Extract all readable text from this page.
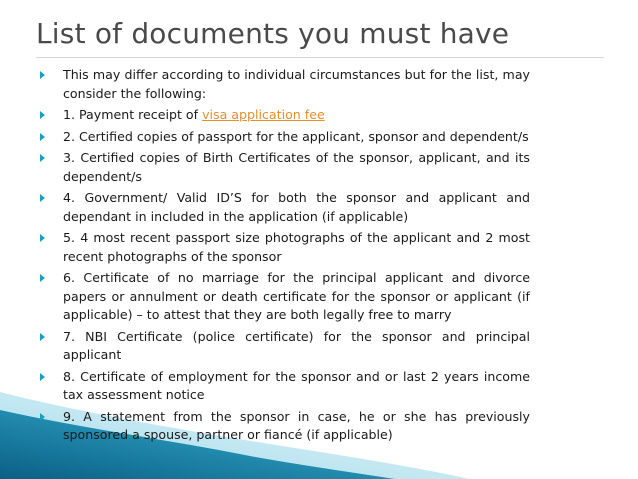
List of documents you must have
This may differ according to individual circumstances but for the list, may consider the following:
1. Payment receipt of visa application fee
2. Certified copies of passport for the applicant, sponsor and dependent/s
3. Certified copies of Birth Certificates of the sponsor, applicant, and its dependent/s
4. Government/ Valid ID’S for both the sponsor and applicant and dependant in included in the application (if applicable)
5. 4 most recent passport size photographs of the applicant and 2 most recent photographs of the sponsor
6. Certificate of no marriage for the principal applicant and divorce papers or annulment or death certificate for the sponsor or applicant (if applicable) – to attest that they are both legally free to marry
7. NBI Certificate (police certificate) for the sponsor and principal applicant
8. Certificate of employment for the sponsor and or last 2 years income tax assessment notice
9. A statement from the sponsor in case, he or she has previously sponsored a spouse, partner or fiancé (if applicable)
